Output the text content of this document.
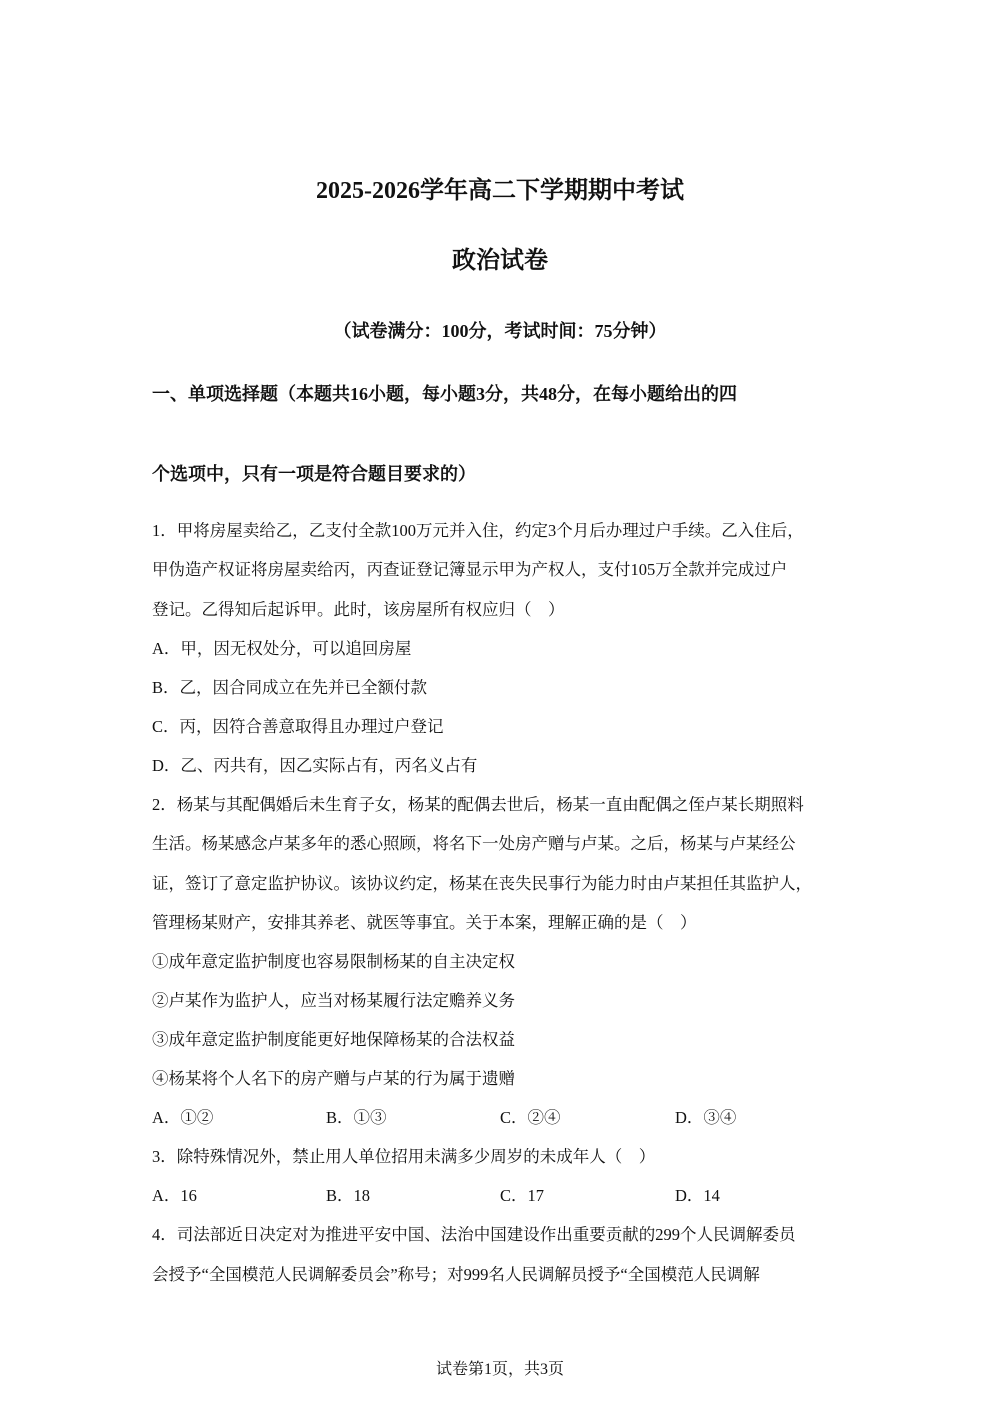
2025-2026学年高二下学期期中考试
政治试卷
（试卷满分：100分，考试时间：75分钟）
一、单项选择题（本题共16小题，每小题3分，共48分，在每小题给出的四
个选项中，只有一项是符合题目要求的）
1．甲将房屋卖给乙，乙支付全款100万元并入住，约定3个月后办理过户手续。乙入住后，
甲伪造产权证将房屋卖给丙，丙查证登记簿显示甲为产权人，支付105万全款并完成过户
登记。乙得知后起诉甲。此时，该房屋所有权应归（　）
A．甲，因无权处分，可以追回房屋
B．乙，因合同成立在先并已全额付款
C．丙，因符合善意取得且办理过户登记
D．乙、丙共有，因乙实际占有，丙名义占有
2．杨某与其配偶婚后未生育子女，杨某的配偶去世后，杨某一直由配偶之侄卢某长期照料
生活。杨某感念卢某多年的悉心照顾，将名下一处房产赠与卢某。之后，杨某与卢某经公
证，签订了意定监护协议。该协议约定，杨某在丧失民事行为能力时由卢某担任其监护人，
管理杨某财产，安排其养老、就医等事宜。关于本案，理解正确的是（　）
①成年意定监护制度也容易限制杨某的自主决定权
②卢某作为监护人，应当对杨某履行法定赡养义务
③成年意定监护制度能更好地保障杨某的合法权益
④杨某将个人名下的房产赠与卢某的行为属于遗赠
A．①②	B．①③	C．②④	D．③④
3．除特殊情况外，禁止用人单位招用未满多少周岁的未成年人（　）
A．16	B．18	C．17	D．14
4．司法部近日决定对为推进平安中国、法治中国建设作出重要贡献的299个人民调解委员
会授予“全国模范人民调解委员会”称号；对999名人民调解员授予“全国模范人民调解
试卷第1页，共3页
